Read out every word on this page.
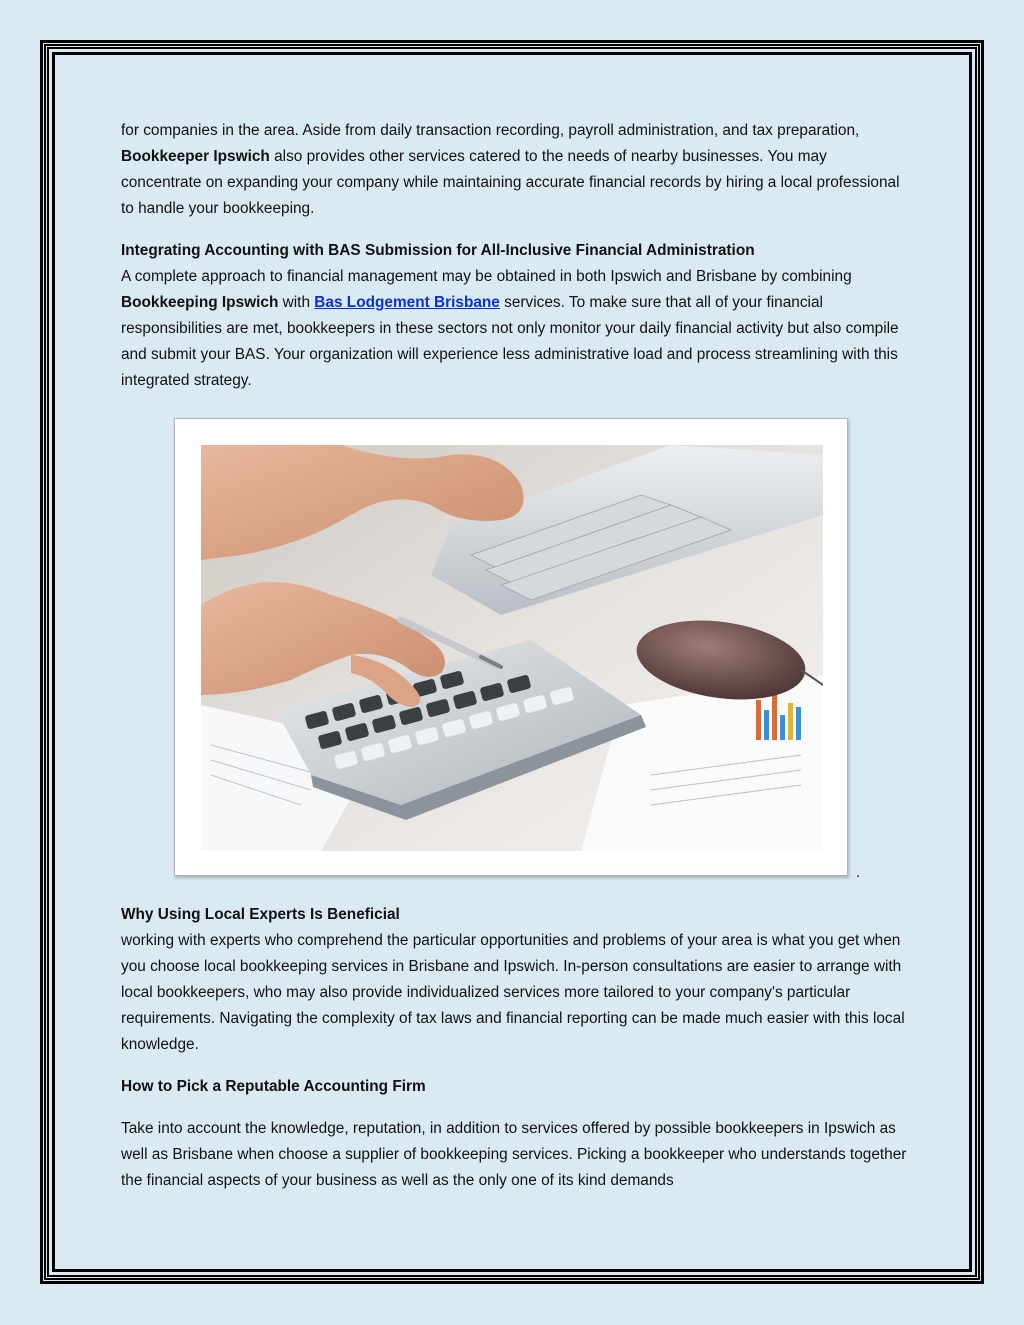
for companies in the area. Aside from daily transaction recording, payroll administration, and tax preparation, Bookkeeper Ipswich also provides other services catered to the needs of nearby businesses. You may concentrate on expanding your company while maintaining accurate financial records by hiring a local professional to handle your bookkeeping.

Integrating Accounting with BAS Submission for All-Inclusive Financial Administration

A complete approach to financial management may be obtained in both Ipswich and Brisbane by combining Bookkeeping Ipswich with Bas Lodgement Brisbane services. To make sure that all of your financial responsibilities are met, bookkeepers in these sectors not only monitor your daily financial activity but also compile and submit your BAS. Your organization will experience less administrative load and process streamlining with this integrated strategy.

.

Why Using Local Experts Is Beneficial

working with experts who comprehend the particular opportunities and problems of your area is what you get when you choose local bookkeeping services in Brisbane and Ipswich. In-person consultations are easier to arrange with local bookkeepers, who may also provide individualized services more tailored to your company's particular requirements. Navigating the complexity of tax laws and financial reporting can be made much easier with this local knowledge.

How to Pick a Reputable Accounting Firm

Take into account the knowledge, reputation, in addition to services offered by possible bookkeepers in Ipswich as well as Brisbane when choose a supplier of bookkeeping services. Picking a bookkeeper who understands together the financial aspects of your business as well as the only one of its kind demands
